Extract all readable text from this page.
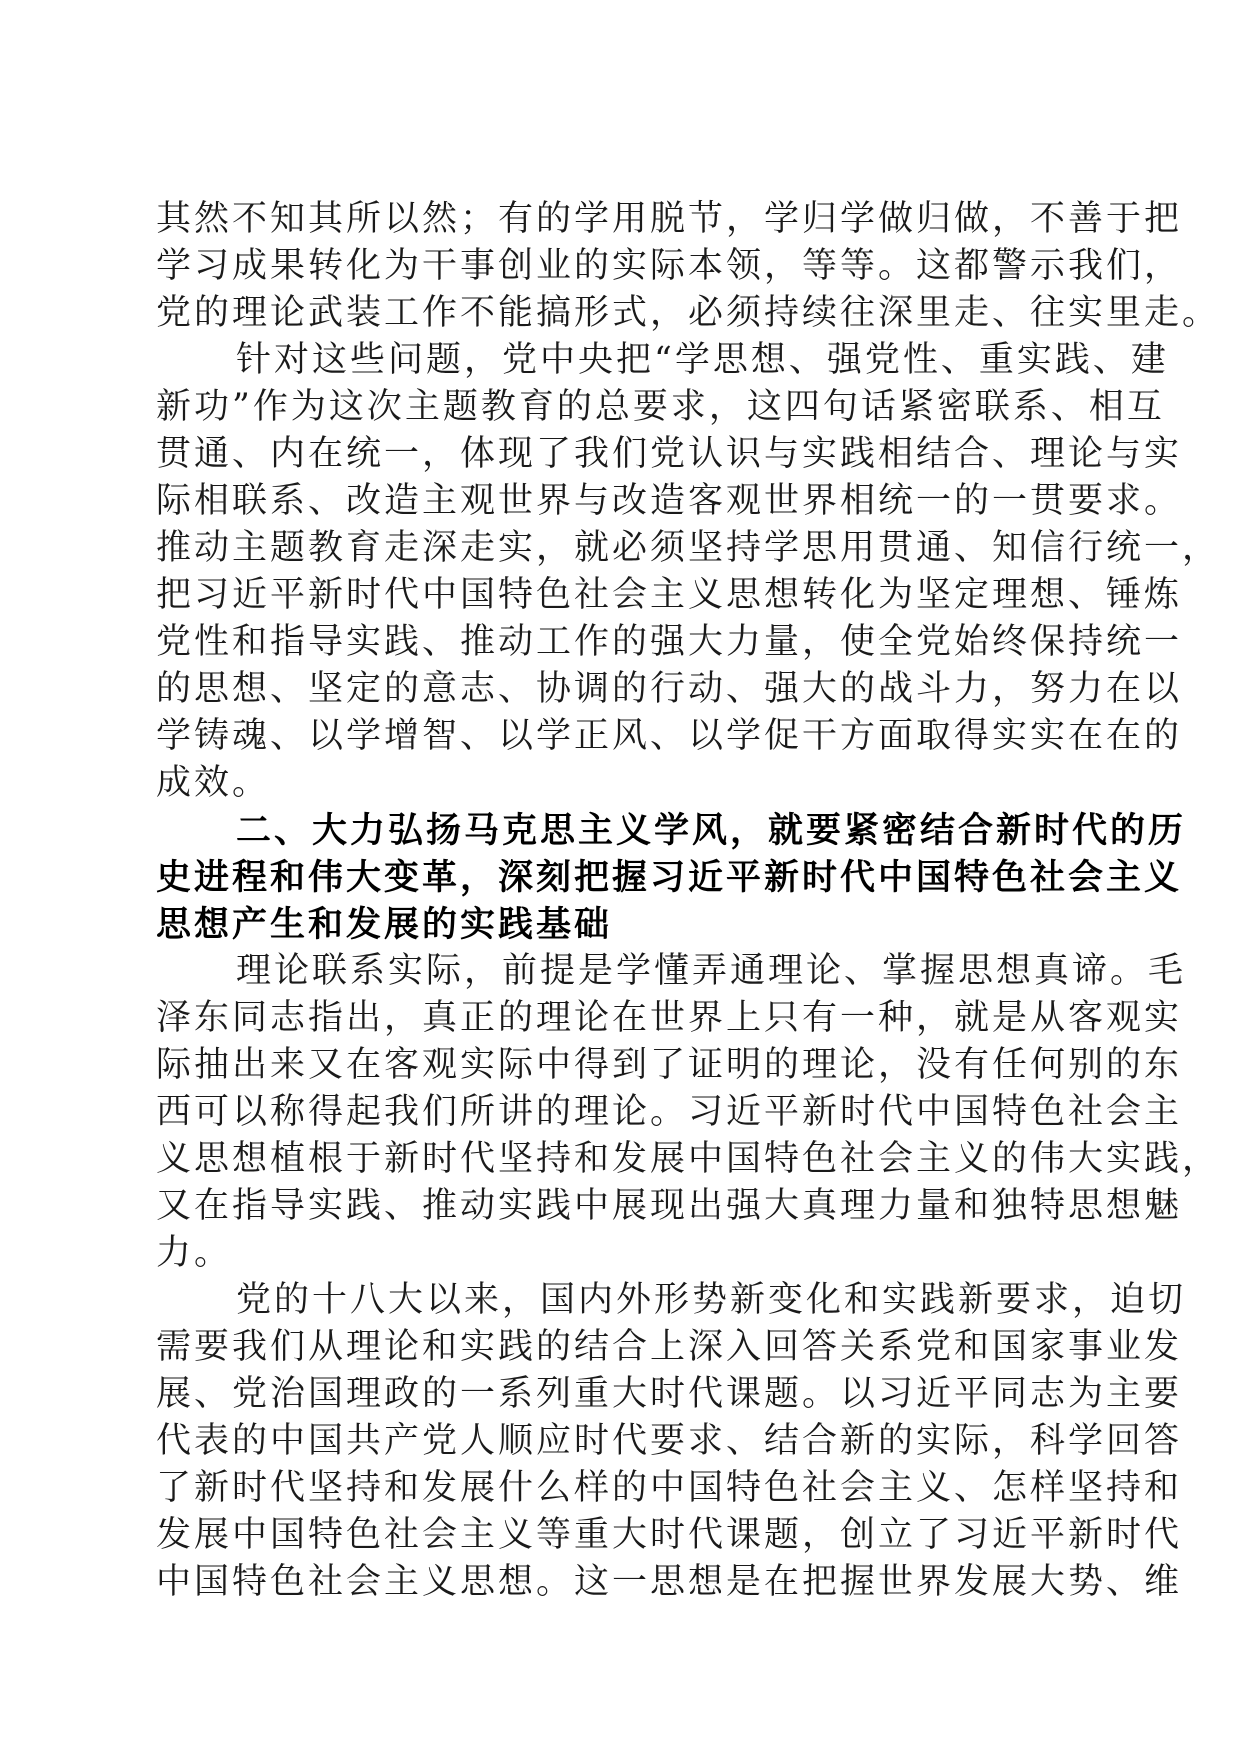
其然不知其所以然；有的学用脱节，学归学做归做，不善于把
学习成果转化为干事创业的实际本领，等等。这都警示我们，
党的理论武装工作不能搞形式，必须持续往深里走、往实里走。
针对这些问题，党中央把“学思想、强党性、重实践、建
新功”作为这次主题教育的总要求，这四句话紧密联系、相互
贯通、内在统一，体现了我们党认识与实践相结合、理论与实
际相联系、改造主观世界与改造客观世界相统一的一贯要求。
推动主题教育走深走实，就必须坚持学思用贯通、知信行统一，
把习近平新时代中国特色社会主义思想转化为坚定理想、锤炼
党性和指导实践、推动工作的强大力量，使全党始终保持统一
的思想、坚定的意志、协调的行动、强大的战斗力，努力在以
学铸魂、以学增智、以学正风、以学促干方面取得实实在在的
成效。
二、大力弘扬马克思主义学风，就要紧密结合新时代的历
史进程和伟大变革，深刻把握习近平新时代中国特色社会主义
思想产生和发展的实践基础
理论联系实际，前提是学懂弄通理论、掌握思想真谛。毛
泽东同志指出，真正的理论在世界上只有一种，就是从客观实
际抽出来又在客观实际中得到了证明的理论，没有任何别的东
西可以称得起我们所讲的理论。习近平新时代中国特色社会主
义思想植根于新时代坚持和发展中国特色社会主义的伟大实践，
又在指导实践、推动实践中展现出强大真理力量和独特思想魅
力。
党的十八大以来，国内外形势新变化和实践新要求，迫切
需要我们从理论和实践的结合上深入回答关系党和国家事业发
展、党治国理政的一系列重大时代课题。以习近平同志为主要
代表的中国共产党人顺应时代要求、结合新的实际，科学回答
了新时代坚持和发展什么样的中国特色社会主义、怎样坚持和
发展中国特色社会主义等重大时代课题，创立了习近平新时代
中国特色社会主义思想。这一思想是在把握世界发展大势、维
